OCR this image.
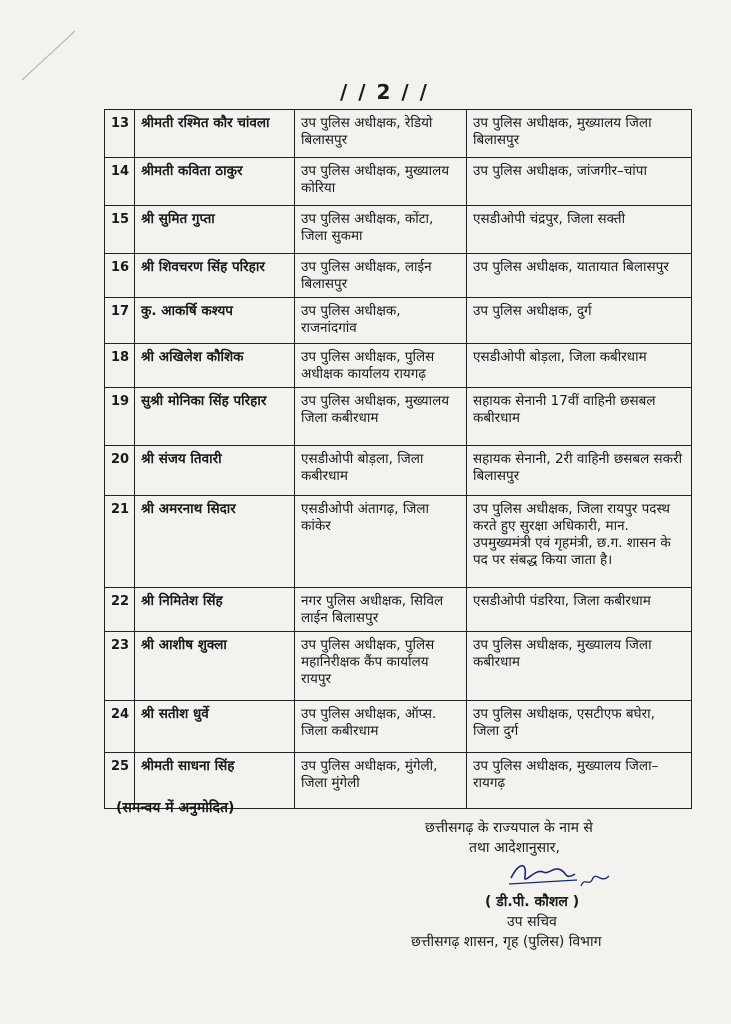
/ / 2 / /
13	श्रीमती रश्मित कौर चांवला	उप पुलिस अधीक्षक, रेडियो बिलासपुर	उप पुलिस अधीक्षक, मुख्यालय जिला बिलासपुर
14	श्रीमती कविता ठाकुर	उप पुलिस अधीक्षक, मुख्यालय कोरिया	उप पुलिस अधीक्षक, जांजगीर–चांपा
15	श्री सुमित गुप्ता	उप पुलिस अधीक्षक, कोंटा, जिला सुकमा	एसडीओपी चंद्रपुर, जिला सक्ती
16	श्री शिवचरण सिंह परिहार	उप पुलिस अधीक्षक, लाईन बिलासपुर	उप पुलिस अधीक्षक, यातायात बिलासपुर
17	कु. आकर्षि कश्यप	उप पुलिस अधीक्षक, राजनांदगांव	उप पुलिस अधीक्षक, दुर्ग
18	श्री अखिलेश कौशिक	उप पुलिस अधीक्षक, पुलिस अधीक्षक कार्यालय रायगढ़	एसडीओपी बोड़ला, जिला कबीरधाम
19	सुश्री मोनिका सिंह परिहार	उप पुलिस अधीक्षक, मुख्यालय जिला कबीरधाम	सहायक सेनानी 17वीं वाहिनी छसबल कबीरधाम
20	श्री संजय तिवारी	एसडीओपी बोड़ला, जिला कबीरधाम	सहायक सेनानी, 2री वाहिनी छसबल सकरी बिलासपुर
21	श्री अमरनाथ सिदार	एसडीओपी अंतागढ़, जिला कांकेर	उप पुलिस अधीक्षक, जिला रायपुर पदस्थ करते हुए सुरक्षा अधिकारी, मान. उपमुख्यमंत्री एवं गृहमंत्री, छ.ग. शासन के पद पर संबद्ध किया जाता है।
22	श्री निमितेश सिंह	नगर पुलिस अधीक्षक, सिविल लाईन बिलासपुर	एसडीओपी पंडरिया, जिला कबीरधाम
23	श्री आशीष शुक्ला	उप पुलिस अधीक्षक, पुलिस महानिरीक्षक कैंप कार्यालय रायपुर	उप पुलिस अधीक्षक, मुख्यालय जिला कबीरधाम
24	श्री सतीश धुर्वे	उप पुलिस अधीक्षक, ऑप्स. जिला कबीरधाम	उप पुलिस अधीक्षक, एसटीएफ बघेरा, जिला दुर्ग
25	श्रीमती साधना सिंह	उप पुलिस अधीक्षक, मुंगेली, जिला मुंगेली	उप पुलिस अधीक्षक, मुख्यालय जिला–रायगढ़
(समन्वय में अनुमोदित)
छत्तीसगढ़ के राज्यपाल के नाम से
तथा आदेशानुसार,
( डी.पी. कौशल )
उप सचिव
छत्तीसगढ़ शासन, गृह (पुलिस) विभाग
